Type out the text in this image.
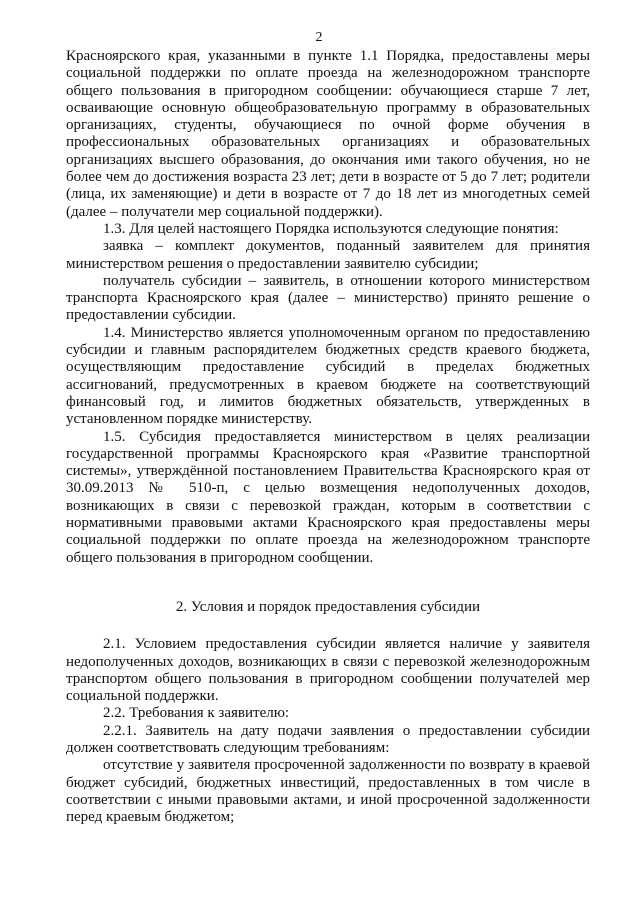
2

Красноярского края, указанными в пункте 1.1 Порядка, предоставлены меры социальной поддержки по оплате проезда на железнодорожном транспорте общего пользования в пригородном сообщении: обучающиеся старше 7 лет, осваивающие основную общеобразовательную программу в образовательных организациях, студенты, обучающиеся по очной форме обучения в профессиональных образовательных организациях и образовательных организациях высшего образования, до окончания ими такого обучения, но не более чем до достижения возраста 23 лет; дети в возрасте от 5 до 7 лет; родители (лица, их заменяющие) и дети в возрасте от 7 до 18 лет из многодетных семей (далее – получатели мер социальной поддержки).

1.3. Для целей настоящего Порядка используются следующие понятия:

заявка – комплект документов, поданный заявителем для принятия министерством решения о предоставлении заявителю субсидии;

получатель субсидии – заявитель, в отношении которого министерством транспорта Красноярского края (далее – министерство) принято решение о предоставлении субсидии.

1.4. Министерство является уполномоченным органом по предоставлению субсидии и главным распорядителем бюджетных средств краевого бюджета, осуществляющим предоставление субсидий в пределах бюджетных ассигнований, предусмотренных в краевом бюджете на соответствующий финансовый год, и лимитов бюджетных обязательств, утвержденных в установленном порядке министерству.

1.5. Субсидия предоставляется министерством в целях реализации государственной программы Красноярского края «Развитие транспортной системы», утверждённой постановлением Правительства Красноярского края от 30.09.2013 № 510-п, с целью возмещения недополученных доходов, возникающих в связи с перевозкой граждан, которым в соответствии с нормативными правовыми актами Красноярского края предоставлены меры социальной поддержки по оплате проезда на железнодорожном транспорте общего пользования в пригородном сообщении.

2. Условия и порядок предоставления субсидии

2.1. Условием предоставления субсидии является наличие у заявителя недополученных доходов, возникающих в связи с перевозкой железнодорожным транспортом общего пользования в пригородном сообщении получателей мер социальной поддержки.

2.2. Требования к заявителю:

2.2.1. Заявитель на дату подачи заявления о предоставлении субсидии должен соответствовать следующим требованиям:

отсутствие у заявителя просроченной задолженности по возврату в краевой бюджет субсидий, бюджетных инвестиций, предоставленных в том числе в соответствии с иными правовыми актами, и иной просроченной задолженности перед краевым бюджетом;
